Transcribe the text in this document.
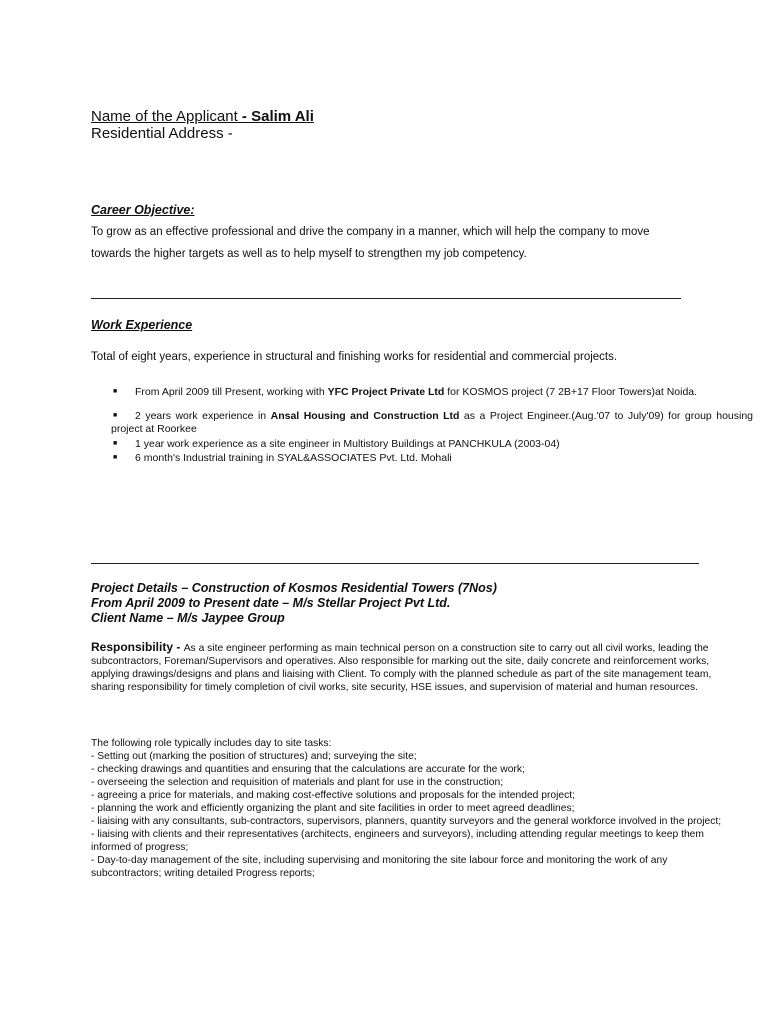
Name of the Applicant - Salim Ali
Residential Address -
Career Objective:
To grow as an effective professional and drive the company in a manner, which will help the company to move
towards the higher targets as well as to help myself to strengthen my job competency.
Work Experience
Total of eight years, experience in structural and finishing works for residential and commercial projects.
■ From April 2009 till Present, working with YFC Project Private Ltd for KOSMOS project (7 2B+17 Floor Towers)at Noida.
■ 2 years work experience in Ansal Housing and Construction Ltd as a Project Engineer.(Aug.'07 to July'09) for group housing project at Roorkee
■ 1 year work experience as a site engineer in Multistory Buildings at PANCHKULA (2003-04)
■ 6 month's Industrial training in SYAL&ASSOCIATES Pvt. Ltd. Mohali
Project Details – Construction of Kosmos Residential Towers (7Nos)
From April 2009 to Present date – M/s Stellar Project Pvt Ltd.
Client Name – M/s Jaypee Group
Responsibility - As a site engineer performing as main technical person on a construction site to carry out all civil works, leading the subcontractors, Foreman/Supervisors and operatives. Also responsible for marking out the site, daily concrete and reinforcement works, applying drawings/designs and plans and liaising with Client. To comply with the planned schedule as part of the site management team, sharing responsibility for timely completion of civil works, site security, HSE issues, and supervision of material and human resources.
The following role typically includes day to site tasks:
- Setting out (marking the position of structures) and; surveying the site;
- checking drawings and quantities and ensuring that the calculations are accurate for the work;
- overseeing the selection and requisition of materials and plant for use in the construction;
- agreeing a price for materials, and making cost-effective solutions and proposals for the intended project;
- planning the work and efficiently organizing the plant and site facilities in order to meet agreed deadlines;
- liaising with any consultants, sub-contractors, supervisors, planners, quantity surveyors and the general workforce involved in the project;
- liaising with clients and their representatives (architects, engineers and surveyors), including attending regular meetings to keep them informed of progress;
- Day-to-day management of the site, including supervising and monitoring the site labour force and monitoring the work of any subcontractors; writing detailed Progress reports;
